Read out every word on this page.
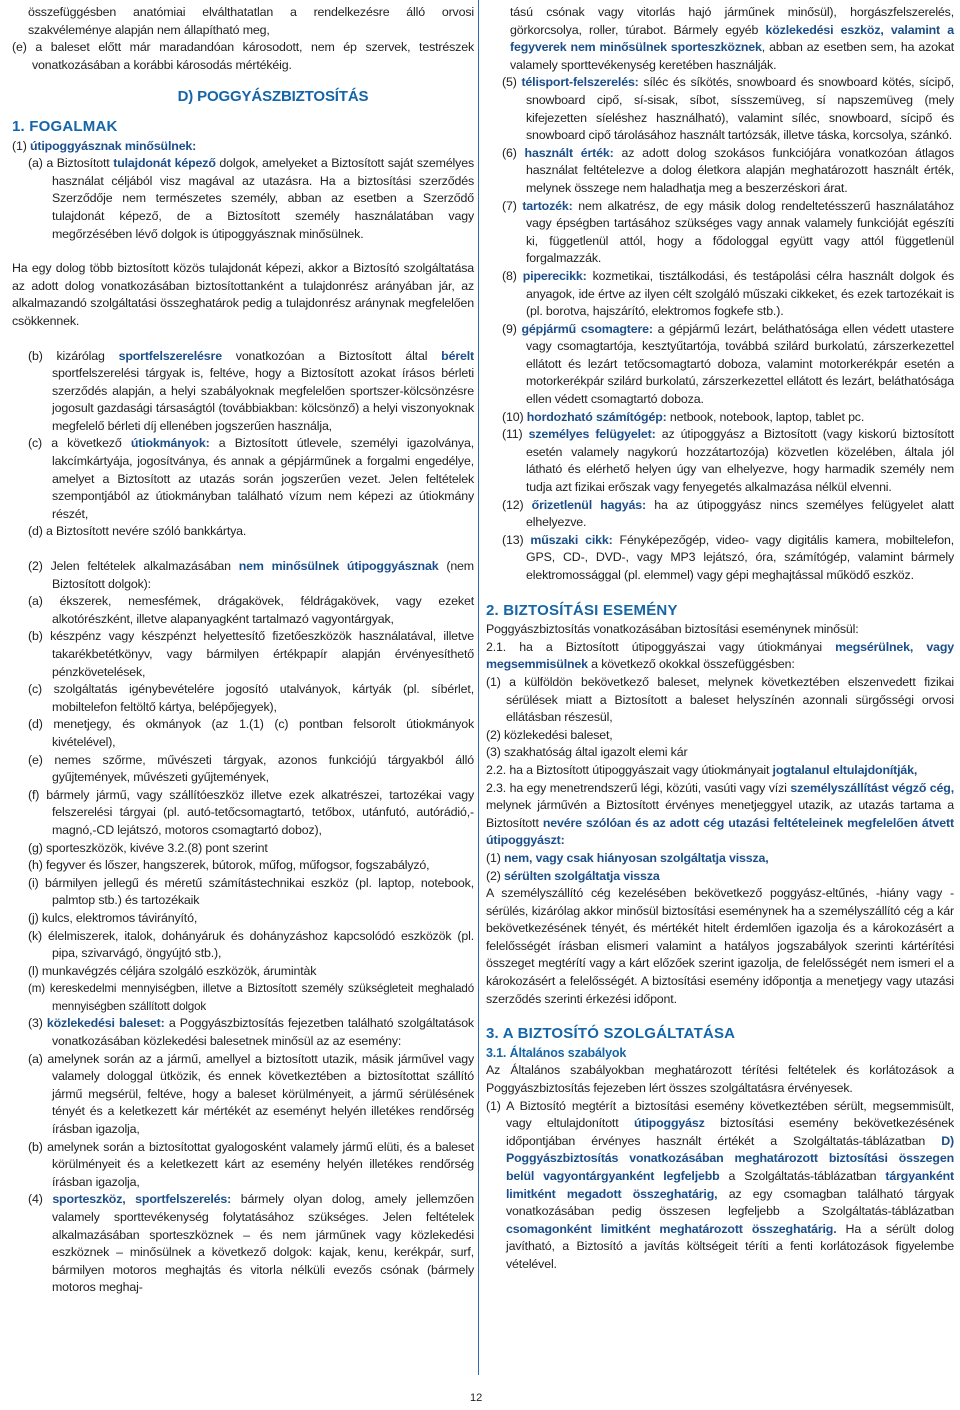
összefüggésben anatómiai elválthatatlan a rendelkezésre álló orvosi szakvéleménye alapján nem állapítható meg,

(e) a baleset előtt már maradandóan károsodott, nem ép szervek, testrészek vonatkozásában a korábbi károsodás mértékéig.

D) POGGYÁSZBIZTOSÍTÁS
1. FOGALMAK

(1) útipoggyásznak minősülnek:

(a) a Biztosított tulajdonát képező dolgok, amelyeket a Biztosított saját személyes használat céljából visz magával az utazásra. Ha a biztosítási szerződés Szerződője nem természetes személy, abban az esetben a Szerződő tulajdonát képező, de a Biztosított személy használatában vagy megőrzésében lévő dolgok is útipoggyásznak minősülnek.

Ha egy dolog több biztosított közös tulajdonát képezi, akkor a Biztosító szolgáltatása az adott dolog vonatkozásában biztosítottanként a tulajdonrész arányában jár, az alkalmazandó szolgáltatási összeghatárok pedig a tulajdonrész aránynak megfelelően csökkennek.

(b) kizárólag sportfelszerelésre vonatkozóan a Biztosított által bérelt sportfelszerelési tárgyak is, feltéve, hogy a Biztosított azokat írásos bérleti szerződés alapján, a helyi szabályoknak megfelelően sportszer-kölcsönzésre jogosult gazdasági társaságtól (továbbiakban: kölcsönző) a helyi viszonyoknak megfelelő bérleti díj ellenében jogszerűen használja,

(c) a következő útiokmányok: a Biztosított útlevele, személyi igazolványa, lakcímkártyája, jogosítványa, és annak a gépjárműnek a forgalmi engedélye, amelyet a Biztosított az utazás során jogszerűen vezet. Jelen feltételek szempontjából az útiokmányban található vízum nem képezi az útiokmány részét,

(d) a Biztosított nevére szóló bankkártya.

(2) Jelen feltételek alkalmazásában nem minősülnek útipoggyásznak (nem Biztosított dolgok):

(a) ékszerek, nemesfémek, drágakövek, féldrágakövek, vagy ezeket alkotórészként, illetve alapanyagként tartalmazó vagyontárgyak,

(b) készpénz vagy készpénzt helyettesítő fizetőeszközök használatával, illetve takarékbetétkönyv, vagy bármilyen értékpapír alapján érvényesíthető pénzkövetelések,

(c) szolgáltatás igénybevételére jogosító utalványok, kártyák (pl. síbérlet, mobiltelefon feltöltő kártya, belépőjegyek),

(d) menetjegy, és okmányok (az 1.(1) (c) pontban felsorolt útiokmányok kivételével),

(e) nemes szőrme, művészeti tárgyak, azonos funkciójú tárgyakból álló gyűjtemények, művészeti gyűjtemények,

(f) bármely jármű, vagy szállítóeszköz illetve ezek alkatrészei, tartozékai vagy felszerelési tárgyai (pl. autó-tetőcsomagtartó, tetőbox, utánfutó, autórádió,-magnó,-CD lejátszó, motoros csomagtartó doboz),

(g) sporteszközök, kivéve 3.2.(8) pont szerint

(h) fegyver és lőszer, hangszerek, bútorok, műfog, műfogsor, fogszabályzó,

(i) bármilyen jellegű és méretű számítástechnikai eszköz (pl. laptop, notebook, palmtop stb.) és tartozékaik

(j) kulcs, elektromos távirányító,

(k) élelmiszerek, italok, dohányáruk és dohányzáshoz kapcsolódó eszközök (pl. pipa, szivarvágó, öngyújtó stb.),

(l) munkavégzés céljára szolgáló eszközök, árumintàk

(m) kereskedelmi mennyiségben, illetve a Biztosított személy szükségleteit meghaladó mennyiségben szállított dolgok

(3) közlekedési baleset: a Poggyászbiztosítás fejezetben található szolgáltatások vonatkozásában közlekedési balesetnek minősül az az esemény:

(a) amelynek során az a jármű, amellyel a biztosított utazik, másik járművel vagy valamely dologgal ütközik, és ennek következtében a biztosítottat szállító jármű megsérül, feltéve, hogy a baleset körülményeit, a jármű sérülésének tényét és a keletkezett kár mértékét az eseményt helyén illetékes rendőrség írásban igazolja,

(b) amelynek során a biztosítottat gyalogosként valamely jármű elüti, és a baleset körülményeit és a keletkezett kárt az esemény helyén illetékes rendőrség írásban igazolja,

(4) sporteszköz, sportfelszerelés: bármely olyan dolog, amely jellemzően valamely sporttevékenység folytatásához szükséges. Jelen feltételek alkalmazásában sporteszköznek – és nem járműnek vagy közlekedési eszköznek – minősülnek a következő dolgok: kajak, kenu, kerékpár, surf, bármilyen motoros meghajtás és vitorla nélküli evezős csónak (bármely motoros meghaj-

tású csónak vagy vitorlás hajó járműnek minősül), horgászfelszerelés, görkorcsolya, roller, túrabot. Bármely egyéb közlekedési eszköz, valamint a fegyverek nem minősülnek sporteszköznek, abban az esetben sem, ha azokat valamely sporttevékenység keretében használják.

(5) télisport-felszerelés: síléc és síkötés, snowboard és snowboard kötés, sícipő, snowboard cipő, sí-sisak, síbot, sísszemüveg, sí napszemüveg (mely kifejezetten síeléshez használható), valamint síléc, snowboard, sícipő és snowboard cipő tárolásához használt tartózsák, illetve táska, korcsolya, szánkó.

(6) használt érték: az adott dolog szokásos funkciójára vonatkozóan átlagos használat feltételezve a dolog életkora alapján meghatározott használt érték, melynek összege nem haladhatja meg a beszerzéskori árat.

(7) tartozék: nem alkatrész, de egy másik dolog rendeltetésszerű használatához vagy épségben tartásához szükséges vagy annak valamely funkcióját egészíti ki, függetlenül attól, hogy a fődologgal együtt vagy attól függetlenül forgalmazzák.

(8) piperecikk: kozmetikai, tisztálkodási, és testápolási célra használt dolgok és anyagok, ide értve az ilyen célt szolgáló műszaki cikkeket, és ezek tartozékait is (pl. borotva, hajszárító, elektromos fogkefe stb.).

(9) gépjármű csomagtere: a gépjármű lezárt, beláthatósága ellen védett utastere vagy csomagtartója, kesztyűtartója, továbbá szilárd burkolatú, zárszerkezettel ellátott és lezárt tetőcsomagtartó doboza, valamint motorkerékpár esetén a motorkerékpár szilárd burkolatú, zárszerkezettel ellátott és lezárt, beláthatósága ellen védett csomagtartó doboza.

(10) hordozható számítógép: netbook, notebook, laptop, tablet pc.

(11) személyes felügyelet: az útipoggyász a Biztosított (vagy kiskorú biztosított esetén valamely nagykorú hozzátartozója) közvetlen közelében, általa jól látható és elérhető helyen úgy van elhelyezve, hogy harmadik személy nem tudja azt fizikai erőszak vagy fenyegetés alkalmazása nélkül elvenni.

(12) őrizetlenül hagyás: ha az útipoggyász nincs személyes felügyelet alatt elhelyezve.

(13) műszaki cikk: Fényképezőgép, video- vagy digitális kamera, mobiltelefon, GPS, CD-, DVD-, vagy MP3 lejátszó, óra, számítógép, valamint bármely elektromossággal (pl. elemmel) vagy gépi meghajtással működő eszköz.

2. BIZTOSÍTÁSI ESEMÉNY

Poggyászbiztosítás vonatkozásában biztosítási eseménynek minősül:

2.1. ha a Biztosított útipoggyászai vagy útiokmányai megsérülnek, vagy megsemmisülnek a következő okokkal összefüggésben:

(1) a külföldön bekövetkező baleset, melynek következtében elszenvedett fizikai sérülések miatt a Biztosított a baleset helyszínén azonnali sürgősségi orvosi ellátásban részesül,

(2) közlekedési baleset,

(3) szakhatóság által igazolt elemi kár

2.2. ha a Biztosított útipoggyászait vagy útiokmányait jogtalanul eltulajdonítják,

2.3. ha egy menetrendszerű légi, közúti, vasúti vagy vízi személyszállítást végző cég, melynek járművén a Biztosított érvényes menetjeggyel utazik, az utazás tartama a Biztosított nevére szólóan és az adott cég utazási feltételeinek megfelelően átvett útipoggyászt:

(1) nem, vagy csak hiányosan szolgáltatja vissza,

(2) sérülten szolgáltatja vissza

A személyszállító cég kezelésében bekövetkező poggyász-eltűnés, -hiány vagy -sérülés, kizárólag akkor minősül biztosítási eseménynek ha a személyszállító cég a kár bekövetkezésének tényét, és mértékét hitelt érdemlően igazolja és a károkozásért a felelősségét írásban elismeri valamint a hatályos jogszabályok szerinti kártérítési összeget megtérítí vagy a kárt előzőek szerint igazolja, de felelősségét nem ismeri el a károkozásért a felelősségét. A biztosítási esemény időpontja a menetjegy vagy utazási szerződés szerinti érkezési időpont.

3. A BIZTOSÍTÓ SZOLGÁLTATÁSA
3.1. Általános szabályok

Az Általános szabályokban meghatározott térítési feltételek és korlátozások a Poggyászbiztosítás fejezeben lért összes szolgáltatásra érvényesek.

(1) A Biztosító megtérít a biztosítási esemény következtében sérült, megsemmisült, vagy eltulajdonított útipoggyász biztosítási esemény bekövetkezésének időpontjában érvényes használt értékét a Szolgáltatás-táblázatban D) Poggyászbiztosítás vonatkozásában meghatározott biztosítási összegen belül vagyontárgyanként legfeljebb a Szolgáltatás-táblázatban tárgyanként limitként megadott összeghatárig, az egy csomagban található tárgyak vonatkozásában pedig összesen legfeljebb a Szolgáltatás-táblázatban csomagonként limitként meghatározott összeghatárig. Ha a sérült dolog javítható, a Biztosító a javítás költségeit téríti a fenti korlátozások figyelembe vételével.

12
